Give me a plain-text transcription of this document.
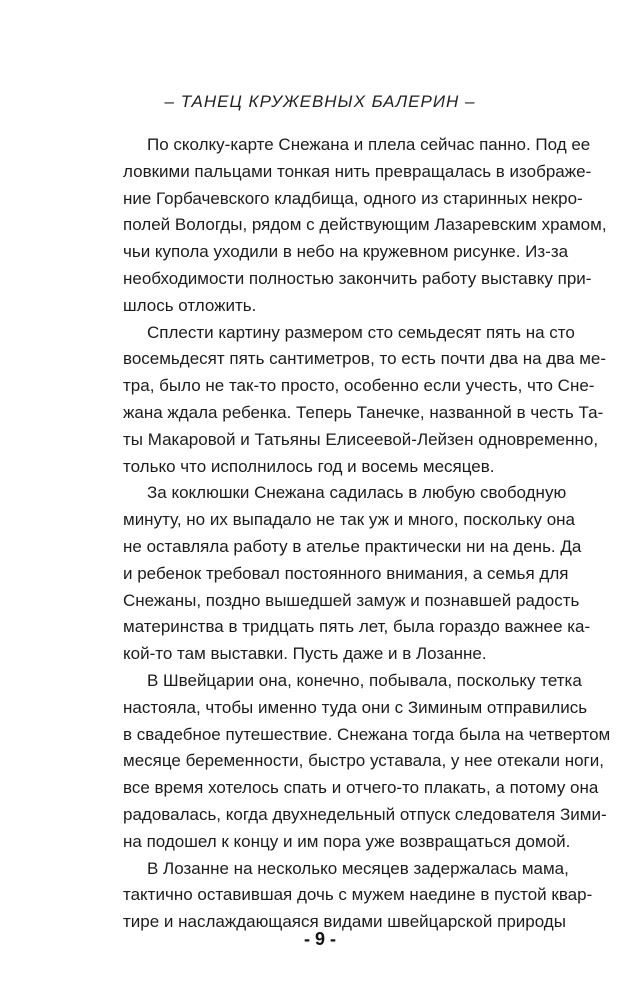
– ТАНЕЦ КРУЖЕВНЫХ БАЛЕРИН –
По сколку-карте Снежана и плела сейчас панно. Под ее
ловкими пальцами тонкая нить превращалась в изображе-
ние Горбачевского кладбища, одного из старинных некро-
полей Вологды, рядом с действующим Лазаревским храмом,
чьи купола уходили в небо на кружевном рисунке. Из-за
необходимости полностью закончить работу выставку при-
шлось отложить.
Сплести картину размером сто семьдесят пять на сто
восемьдесят пять сантиметров, то есть почти два на два ме-
тра, было не так-то просто, особенно если учесть, что Сне-
жана ждала ребенка. Теперь Танечке, названной в честь Та-
ты Макаровой и Татьяны Елисеевой-Лейзен одновременно,
только что исполнилось год и восемь месяцев.
За коклюшки Снежана садилась в любую свободную
минуту, но их выпадало не так уж и много, поскольку она
не оставляла работу в ателье практически ни на день. Да
и ребенок требовал постоянного внимания, а семья для
Снежаны, поздно вышедшей замуж и познавшей радость
материнства в тридцать пять лет, была гораздо важнее ка-
кой-то там выставки. Пусть даже и в Лозанне.
В Швейцарии она, конечно, побывала, поскольку тетка
настояла, чтобы именно туда они с Зиминым отправились
в свадебное путешествие. Снежана тогда была на четвертом
месяце беременности, быстро уставала, у нее отекали ноги,
все время хотелось спать и отчего-то плакать, а потому она
радовалась, когда двухнедельный отпуск следователя Зими-
на подошел к концу и им пора уже возвращаться домой.
В Лозанне на несколько месяцев задержалась мама,
тактично оставившая дочь с мужем наедине в пустой квар-
тире и наслаждающаяся видами швейцарской природы
- 9 -
